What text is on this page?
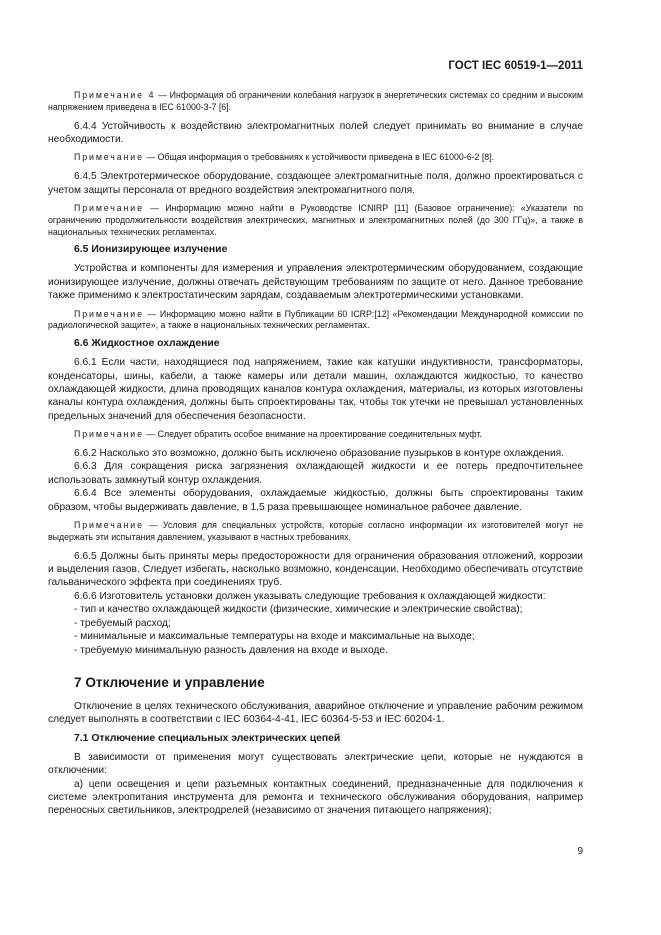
ГОСТ IEC 60519-1—2011

Примечание 4 — Информация об ограничении колебания нагрузок в энергетических системах со средним и высоким напряжением приведена в IEC 61000-3-7 [6].

6.4.4 Устойчивость к воздействию электромагнитных полей следует принимать во внимание в случае необходимости.

Примечание — Общая информация о требованиях к устойчивости приведена в IEC 61000-6-2 [8].

6.4.5 Электротермическое оборудование, создающее электромагнитные поля, должно проектироваться с учетом защиты персонала от вредного воздействия электромагнитного поля.

Примечание — Информацию можно найти в Руководстве ICNIRP [11] (Базовое ограничение): «Указатели по ограничению продолжительности воздействия электрических, магнитных и электромагнитных полей (до 300 ГГц)», а также в национальных технических регламентах.

6.5 Ионизирующее излучение

Устройства и компоненты для измерения и управления электротермическим оборудованием, создающие ионизирующее излучение, должны отвечать действующим требованиям по защите от него. Данное требование также применимо к электростатическим зарядам, создаваемым электротермическими установками.

Примечание — Информацию можно найти в Публикации 60 ICRP:[12] «Рекомендации Международной комиссии по радиологической защите», а также в национальных технических регламентах.

6.6 Жидкостное охлаждение

6.6.1 Если части, находящиеся под напряжением, такие как катушки индуктивности, трансформаторы, конденсаторы, шины, кабели, а также камеры или детали машин, охлаждаются жидкостью, то качество охлаждающей жидкости, длина проводящих каналов контура охлаждения, материалы, из которых изготовлены каналы контура охлаждения, должны быть спроектированы так, чтобы ток утечки не превышал установленных предельных значений для обеспечения безопасности.

Примечание — Следует обратить особое внимание на проектирование соединительных муфт.

6.6.2 Насколько это возможно, должно быть исключено образование пузырьков в контуре охлаждения.

6.6.3 Для сокращения риска загрязнения охлаждающей жидкости и ее потерь предпочтительнее использовать замкнутый контур охлаждения.

6.6.4 Все элементы оборудования, охлаждаемые жидкостью, должны быть спроектированы таким образом, чтобы выдерживать давление, в 1,5 раза превышающее номинальное рабочее давление.

Примечание — Условия для специальных устройств, которые согласно информации их изготовителей могут не выдержать эти испытания давлением, указывают в частных требованиях.

6.6.5 Должны быть приняты меры предосторожности для ограничения образования отложений, коррозии и выделения газов. Следует избегать, насколько возможно, конденсации. Необходимо обеспечивать отсутствие гальванического эффекта при соединениях труб.

6.6.6 Изготовитель установки должен указывать следующие требования к охлаждающей жидкости:

- тип и качество охлаждающей жидкости (физические, химические и электрические свойства);
- требуемый расход;
- минимальные и максимальные температуры на входе и максимальные на выходе;
- требуемую минимальную разность давления на входе и выходе.
7 Отключение и управление

Отключение в целях технического обслуживания, аварийное отключение и управление рабочим режимом следует выполнять в соответствии с IEC 60364-4-41, IEC 60364-5-53 и IEC 60204-1.

7.1 Отключение специальных электрических цепей

В зависимости от применения могут существовать электрические цепи, которые не нуждаются в отключении:

а) цепи освещения и цепи разъемных контактных соединений, предназначенные для подключения к системе электропитания инструмента для ремонта и технического обслуживания оборудования, например переносных светильников, электродрелей (независимо от значения питающего напряжения);

9
